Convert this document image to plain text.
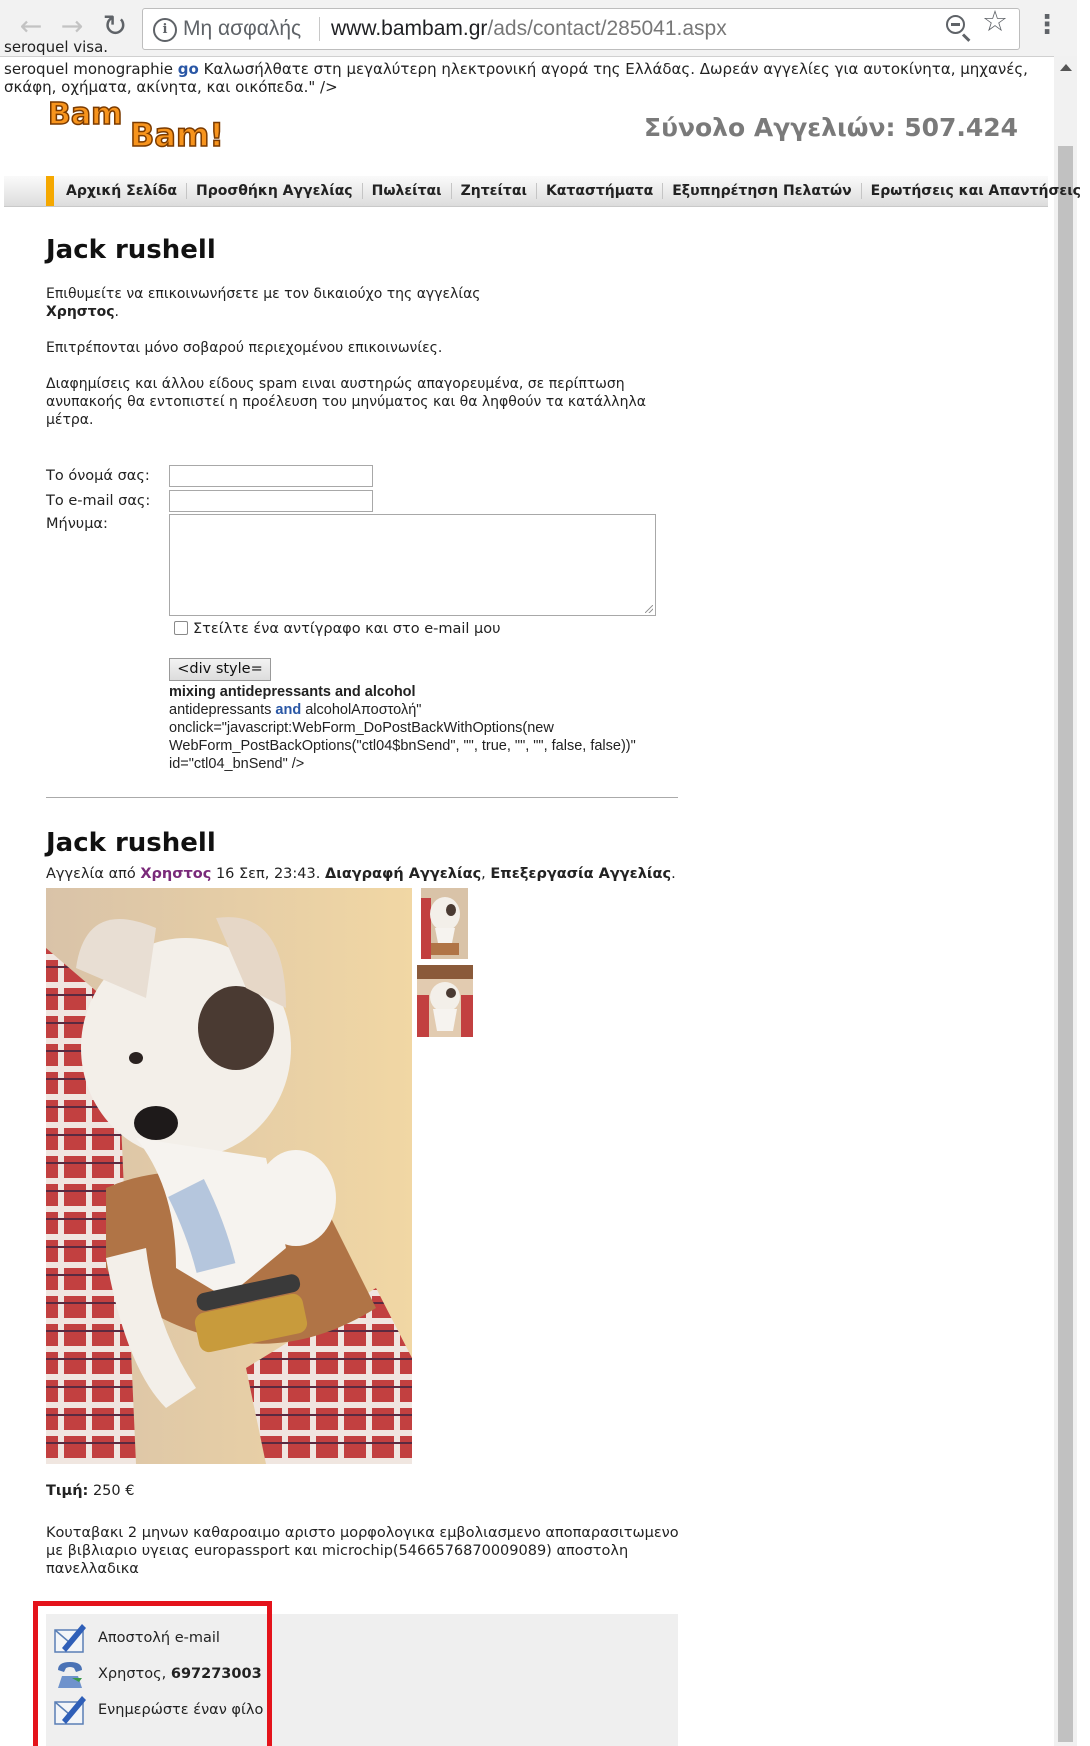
← → ↻	i Μη ασφαλής www.bambam.gr/ads/contact/285041.aspx	☆ ⋮
seroquel visa.
seroquel monographie go Καλωσήλθατε στη μεγαλύτερη ηλεκτρονική αγορά της Ελλάδας. Δωρεάν αγγελίες για αυτοκίνητα, μηχανές, σκάφη, οχήματα, ακίνητα, και οικόπεδα." />
Bam
Bam!	Σύνολο Αγγελιών: 507.424
Αρχική Σελίδα	Προσθήκη Αγγελίας	Πωλείται	Ζητείται	Καταστήματα	Εξυπηρέτηση Πελατών	Ερωτήσεις και Απαντήσεις
Jack rushell
Επιθυμείτε να επικοινωνήσετε με τον δικαιούχο της αγγελίας
Χρηστος.
Επιτρέπονται μόνο σοβαρού περιεχομένου επικοινωνίες.
Διαφημίσεις και άλλου είδους spam ειναι αυστηρώς απαγορευμένα, σε περίπτωση ανυπακοής θα εντοπιστεί η προέλευση του μηνύματος και θα ληφθούν τα κατάλληλα μέτρα.
Το όνομά σας:
Το e-mail σας:
Μήνυμα:
Στείλτε ένα αντίγραφο και στο e-mail μου
<div style=
mixing antidepressants and alcohol
antidepressants and alcoholΑποστολή" onclick="javascript:WebForm_DoPostBackWithOptions(new WebForm_PostBackOptions("ctl04$bnSend", "", true, "", "", false, false))" id="ctl04_bnSend" />
Jack rushell
Αγγελία από Χρηστος 16 Σεπ, 23:43. Διαγραφή Αγγελίας, Επεξεργασία Αγγελίας.
Τιμή: 250 €
Κουταβακι 2 μηνων καθαροαιμο αριστο μορφολογικα εμβολιασμενο αποπαρασιτωμενο με βιβλιαριο υγειας europassport και microchip(546657687000908​9) αποστολη πανελλαδικα
Αποστολή e-mail
Χρηστος, 697273003
Ενημερώστε έναν φίλο
